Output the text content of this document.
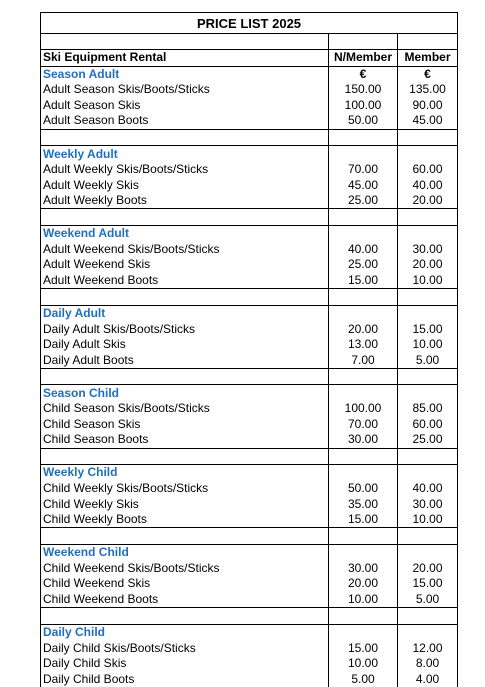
PRICE LIST 2025		

Ski Equipment Rental	N/Member	Member
Season Adult	€	€
Adult Season Skis/Boots/Sticks	150.00	135.00
Adult Season Skis	100.00	90.00
Adult Season Boots	50.00	45.00

Weekly Adult		
Adult Weekly Skis/Boots/Sticks	70.00	60.00
Adult Weekly Skis	45.00	40.00
Adult Weekly Boots	25.00	20.00

Weekend Adult		
Adult Weekend Skis/Boots/Sticks	40.00	30.00
Adult Weekend Skis	25.00	20.00
Adult Weekend Boots	15.00	10.00

Daily Adult		
Daily Adult Skis/Boots/Sticks	20.00	15.00
Daily Adult Skis	13.00	10.00
Daily Adult Boots	7.00	5.00

Season Child		
Child Season Skis/Boots/Sticks	100.00	85.00
Child Season Skis	70.00	60.00
Child Season Boots	30.00	25.00

Weekly Child		
Child Weekly Skis/Boots/Sticks	50.00	40.00
Child Weekly Skis	35.00	30.00
Child Weekly Boots	15.00	10.00

Weekend Child		
Child Weekend Skis/Boots/Sticks	30.00	20.00
Child Weekend Skis	20.00	15.00
Child Weekend Boots	10.00	5.00

Daily Child		
Daily Child Skis/Boots/Sticks	15.00	12.00
Daily Child Skis	10.00	8.00
Daily Child Boots	5.00	4.00
